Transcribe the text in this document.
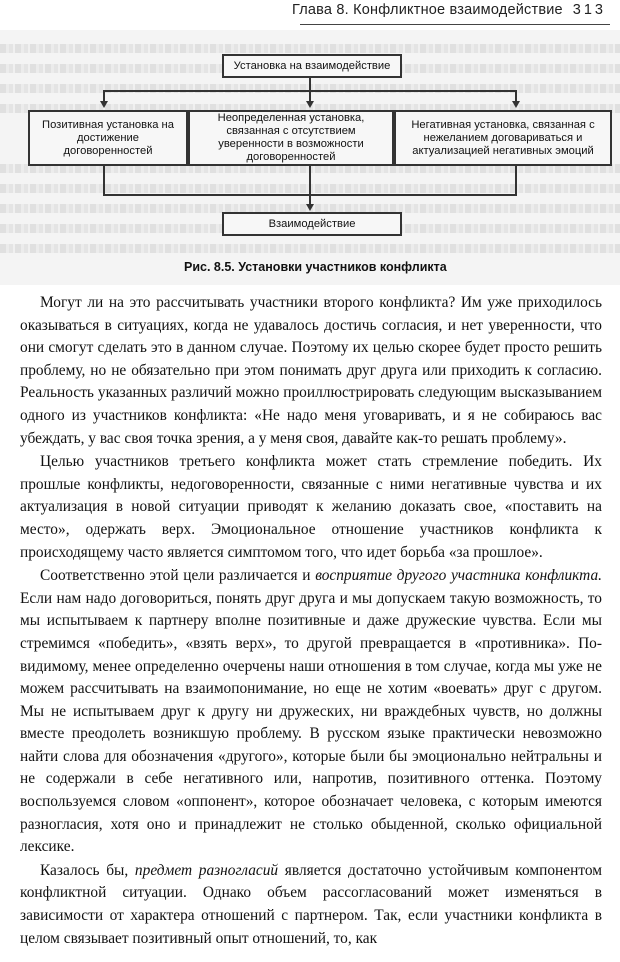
Глава 8. Конфликтное взаимодействие 313
Установка на взаимодействие
Позитивная установка на достижение договоренностей
Неопределенная установка, связанная с отсутствием уверенности в возможности договоренностей
Негативная установка, связанная с нежеланием договариваться и актуализацией негативных эмоций
Взаимодействие
Рис. 8.5. Установки участников конфликта

Могут ли на это рассчитывать участники второго конфликта? Им уже приходилось оказываться в ситуациях, когда не удавалось достичь согласия, и нет уверенности, что они смогут сделать это в данном случае. Поэтому их целью скорее будет просто решить проблему, но не обязательно при этом понимать друг друга или приходить к согласию. Реальность указанных различий можно проиллюстрировать следующим высказыванием одного из участников конфликта: «Не надо меня уговаривать, и я не собираюсь вас убеждать, у вас своя точка зрения, а у меня своя, давайте как-то решать проблему».

Целью участников третьего конфликта может стать стремление победить. Их прошлые конфликты, недоговоренности, связанные с ними негативные чувства и их актуализация в новой ситуации приводят к желанию доказать свое, «поставить на место», одержать верх. Эмоциональное отношение участников конфликта к происходящему часто является симптомом того, что идет борьба «за прошлое».

Соответственно этой цели различается и восприятие другого участника конфликта. Если нам надо договориться, понять друг друга и мы допускаем такую возможность, то мы испытываем к партнеру вполне позитивные и даже дружеские чувства. Если мы стремимся «победить», «взять верх», то другой превращается в «противника». По-видимому, менее определенно очерчены наши отношения в том случае, когда мы уже не можем рассчитывать на взаимопонимание, но еще не хотим «воевать» друг с другом. Мы не испытываем друг к другу ни дружеских, ни враждебных чувств, но должны вместе преодолеть возникшую проблему. В русском языке практически невозможно найти слова для обозначения «другого», которые были бы эмоционально нейтральны и не содержали в себе негативного или, напротив, позитивного оттенка. Поэтому воспользуемся словом «оппонент», которое обозначает человека, с которым имеются разногласия, хотя оно и принадлежит не столько обыденной, сколько официальной лексике.

Казалось бы, предмет разногласий является достаточно устойчивым компонентом конфликтной ситуации. Однако объем рассогласований может изменяться в зависимости от характера отношений с партнером. Так, если участники конфликта в целом связывает позитивный опыт отношений, то, как
